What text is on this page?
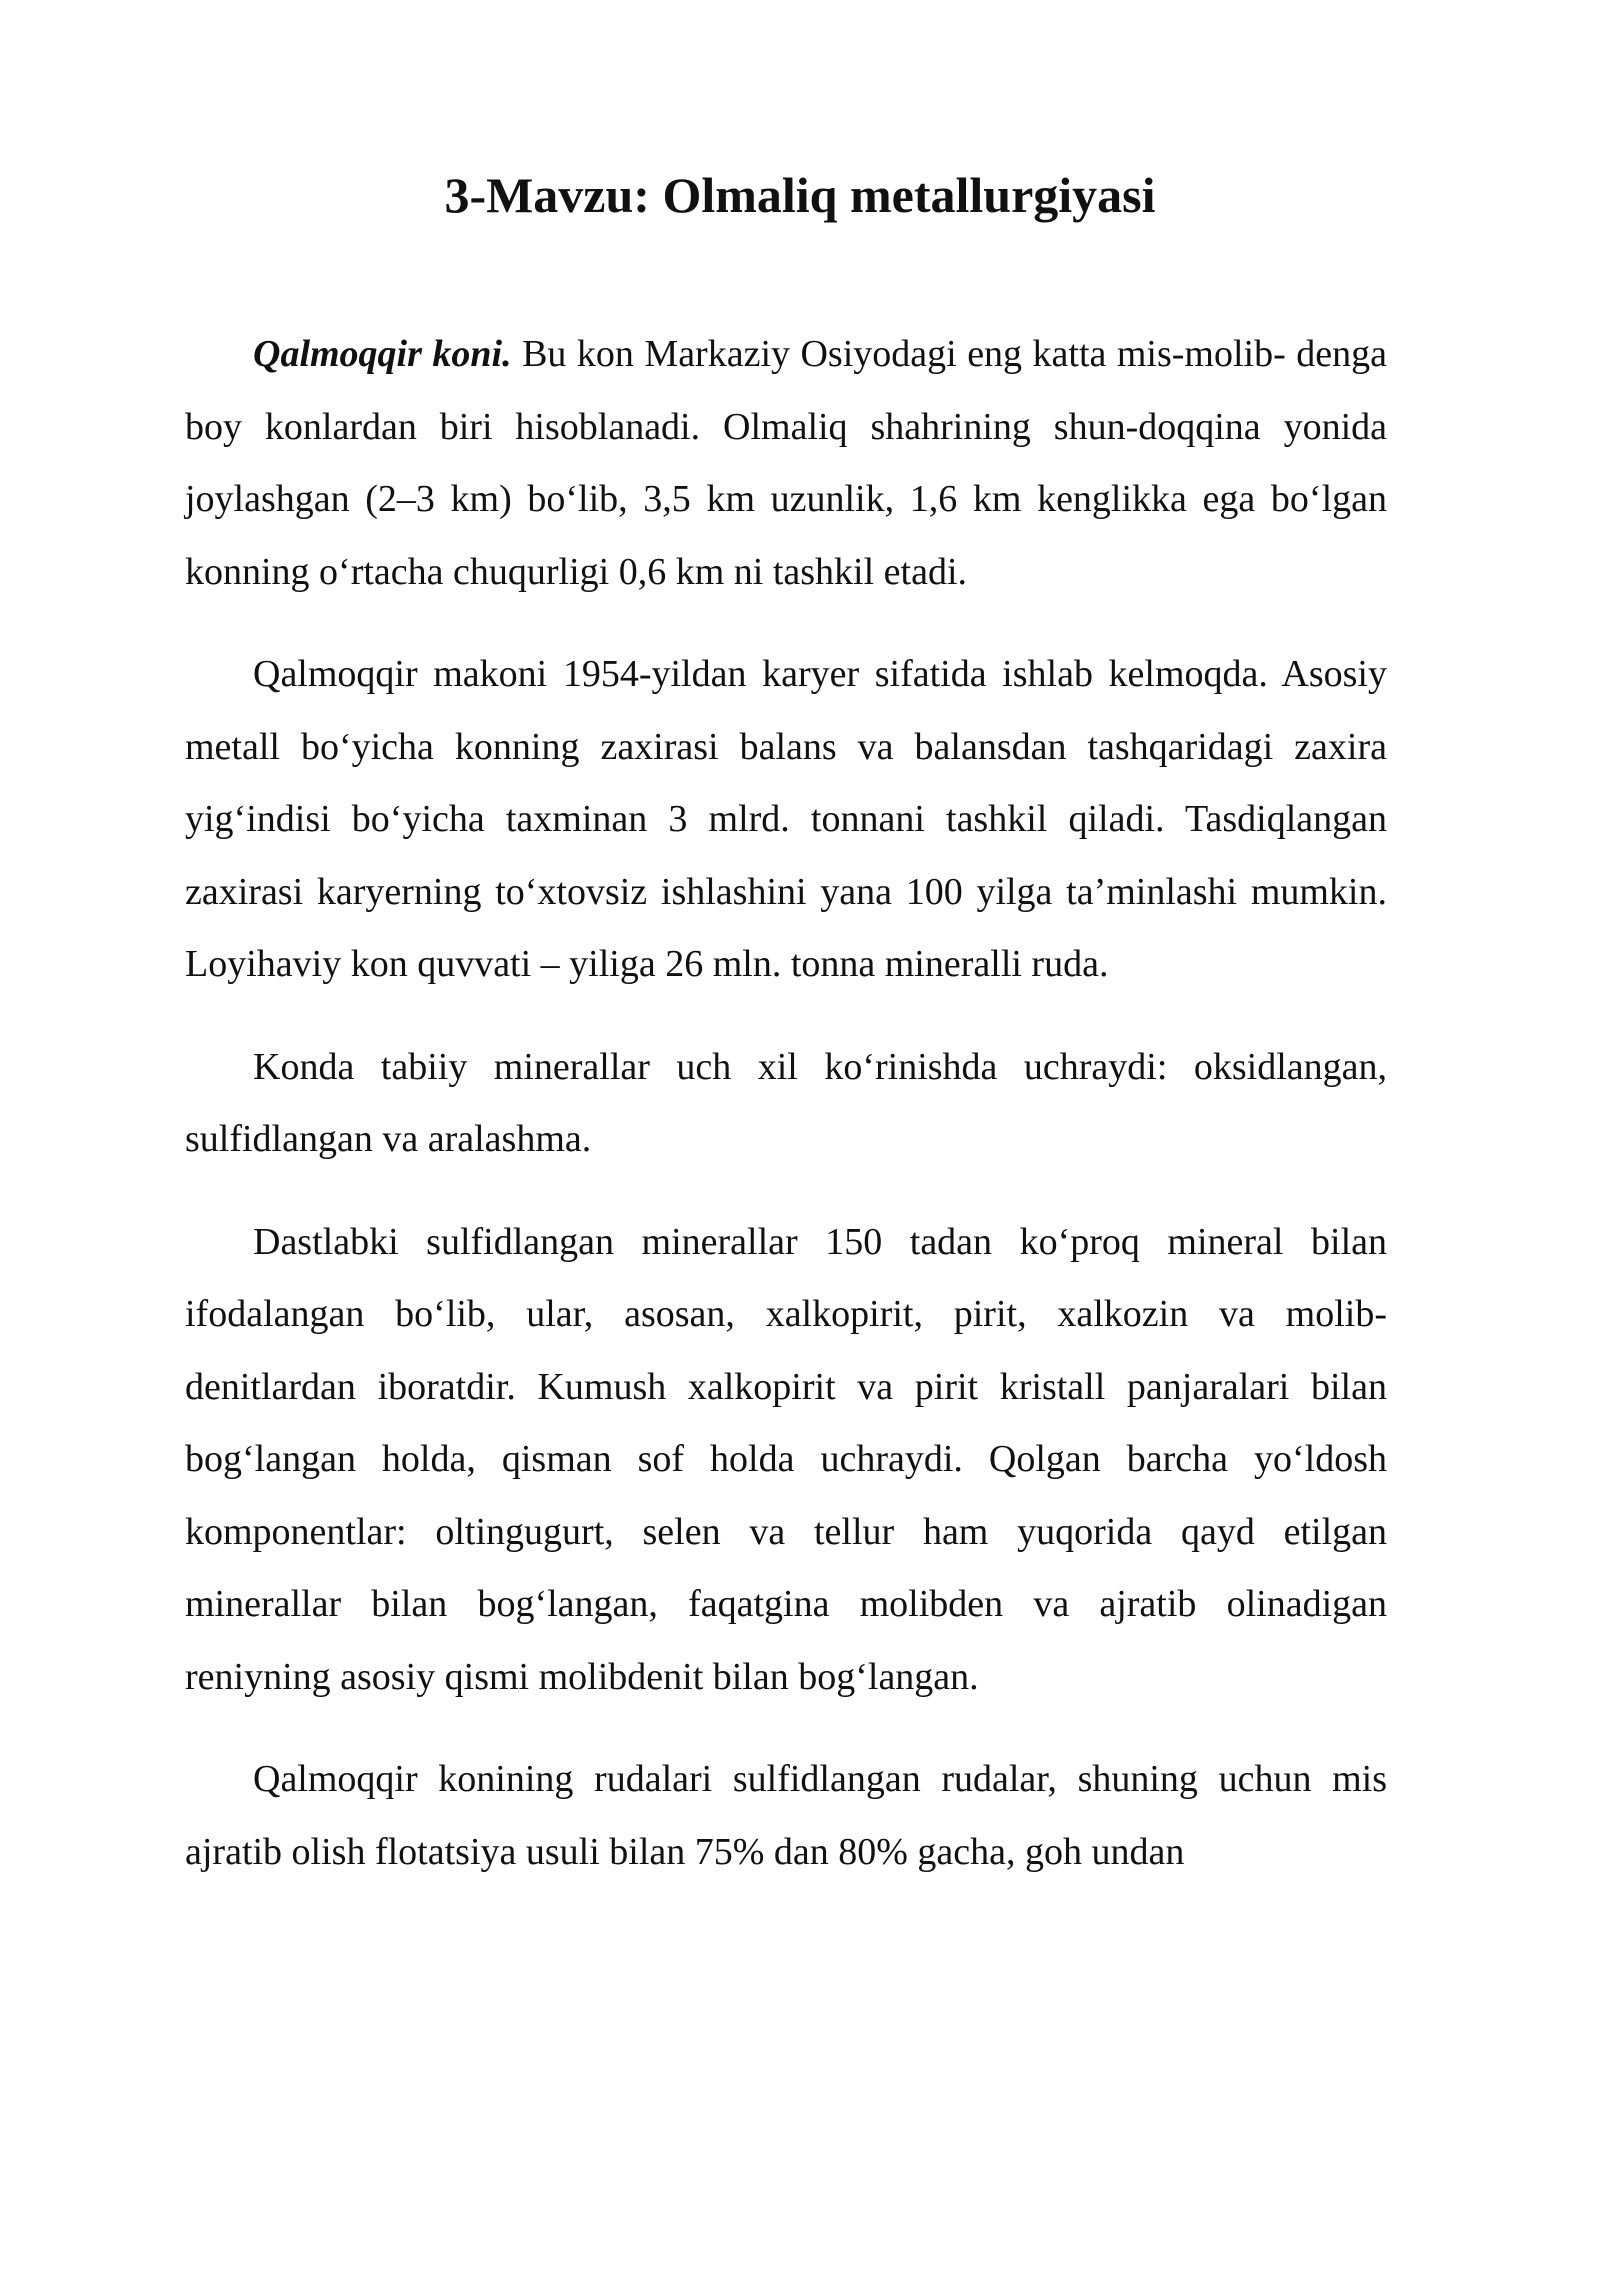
3-Mavzu: Olmaliq metallurgiyasi

Qalmoqqir koni. Bu kon Markaziy Osiyodagi eng katta mis-molib- denga boy konlardan biri hisoblanadi. Olmaliq shahrining shun-doqqina yonida joylashgan (2–3 km) bo‘lib, 3,5 km uzunlik, 1,6 km kenglikka ega bo‘lgan konning o‘rtacha chuqurligi 0,6 km ni tashkil etadi.

Qalmoqqir makoni 1954-yildan karyer sifatida ishlab kelmoqda. Asosiy metall bo‘yicha konning zaxirasi balans va balansdan tashqaridagi zaxira yig‘indisi bo‘yicha taxminan 3 mlrd. tonnani tashkil qiladi. Tasdiqlangan zaxirasi karyerning to‘xtovsiz ishlashini yana 100 yilga ta’minlashi mumkin. Loyihaviy kon quvvati – yiliga 26 mln. tonna mineralli ruda.

Konda tabiiy minerallar uch xil ko‘rinishda uchraydi: oksidlangan, sulfidlangan va aralashma.

Dastlabki sulfidlangan minerallar 150 tadan ko‘proq mineral bilan ifodalangan bo‘lib, ular, asosan, xalkopirit, pirit, xalkozin va molib-denitlardan iboratdir. Kumush xalkopirit va pirit kristall panjaralari bilan bog‘langan holda, qisman sof holda uchraydi. Qolgan barcha yo‘ldosh komponentlar: oltingugurt, selen va tellur ham yuqorida qayd etilgan minerallar bilan bog‘langan, faqatgina molibden va ajratib olinadigan reniyning asosiy qismi molibdenit bilan bog‘langan.

Qalmoqqir konining rudalari sulfidlangan rudalar, shuning uchun mis ajratib olish flotatsiya usuli bilan 75% dan 80% gacha, goh undan
